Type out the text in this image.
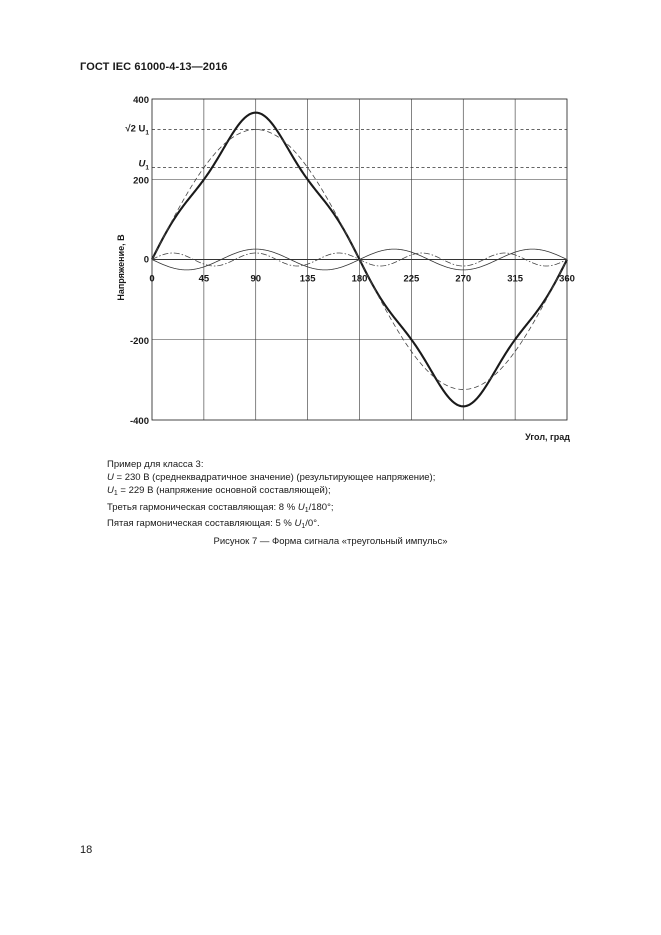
ГОСТ IEC 61000-4-13—2016
√2 $U_1$
$U_1$
0	45	90	135	180	225	270	315	360
400
200
0
-200
-400
Напряжение, В
Угол, град
Пример для класса 3:
U = 230 В (среднеквадратичное значение) (результирующее напряжение);
$U_1 = 229$ В (напряжение основной составляющей);
Третья гармоническая составляющая: 8 % $U_1/180^\circ$;
Пятая гармоническая составляющая: 5 % $U_1/0^\circ$.
Рисунок 7 — Форма сигнала «треугольный импульс»
18
